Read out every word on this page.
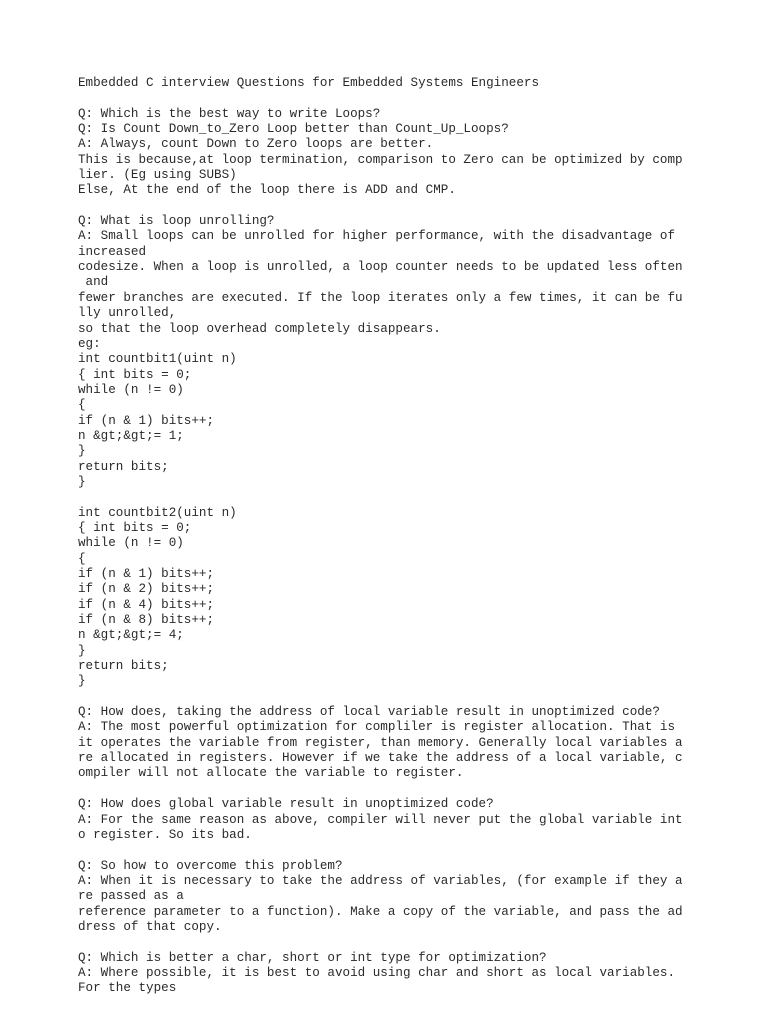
Embedded C interview Questions for Embedded Systems Engineers
Q: Which is the best way to write Loops?
Q: Is Count Down_to_Zero Loop better than Count_Up_Loops?
A: Always, count Down to Zero loops are better.
This is because,at loop termination, comparison to Zero can be optimized by comp
lier. (Eg using SUBS)
Else, At the end of the loop there is ADD and CMP.
Q: What is loop unrolling?
A: Small loops can be unrolled for higher performance, with the disadvantage of
increased
codesize. When a loop is unrolled, a loop counter needs to be updated less often
and
fewer branches are executed. If the loop iterates only a few times, it can be fu
lly unrolled,
so that the loop overhead completely disappears.
eg:
int countbit1(uint n)
{ int bits = 0;
while (n != 0)
{
if (n & 1) bits++;
n &gt;&gt;= 1;
}
return bits;
}
int countbit2(uint n)
{ int bits = 0;
while (n != 0)
{
if (n & 1) bits++;
if (n & 2) bits++;
if (n & 4) bits++;
if (n & 8) bits++;
n &gt;&gt;= 4;
}
return bits;
}
Q: How does, taking the address of local variable result in unoptimized code?
A: The most powerful optimization for compliler is register allocation. That is
it operates the variable from register, than memory. Generally local variables a
re allocated in registers. However if we take the address of a local variable, c
ompiler will not allocate the variable to register.
Q: How does global variable result in unoptimized code?
A: For the same reason as above, compiler will never put the global variable int
o register. So its bad.
Q: So how to overcome this problem?
A: When it is necessary to take the address of variables, (for example if they a
re passed as a
reference parameter to a function). Make a copy of the variable, and pass the ad
dress of that copy.
Q: Which is better a char, short or int type for optimization?
A: Where possible, it is best to avoid using char and short as local variables.
For the types
